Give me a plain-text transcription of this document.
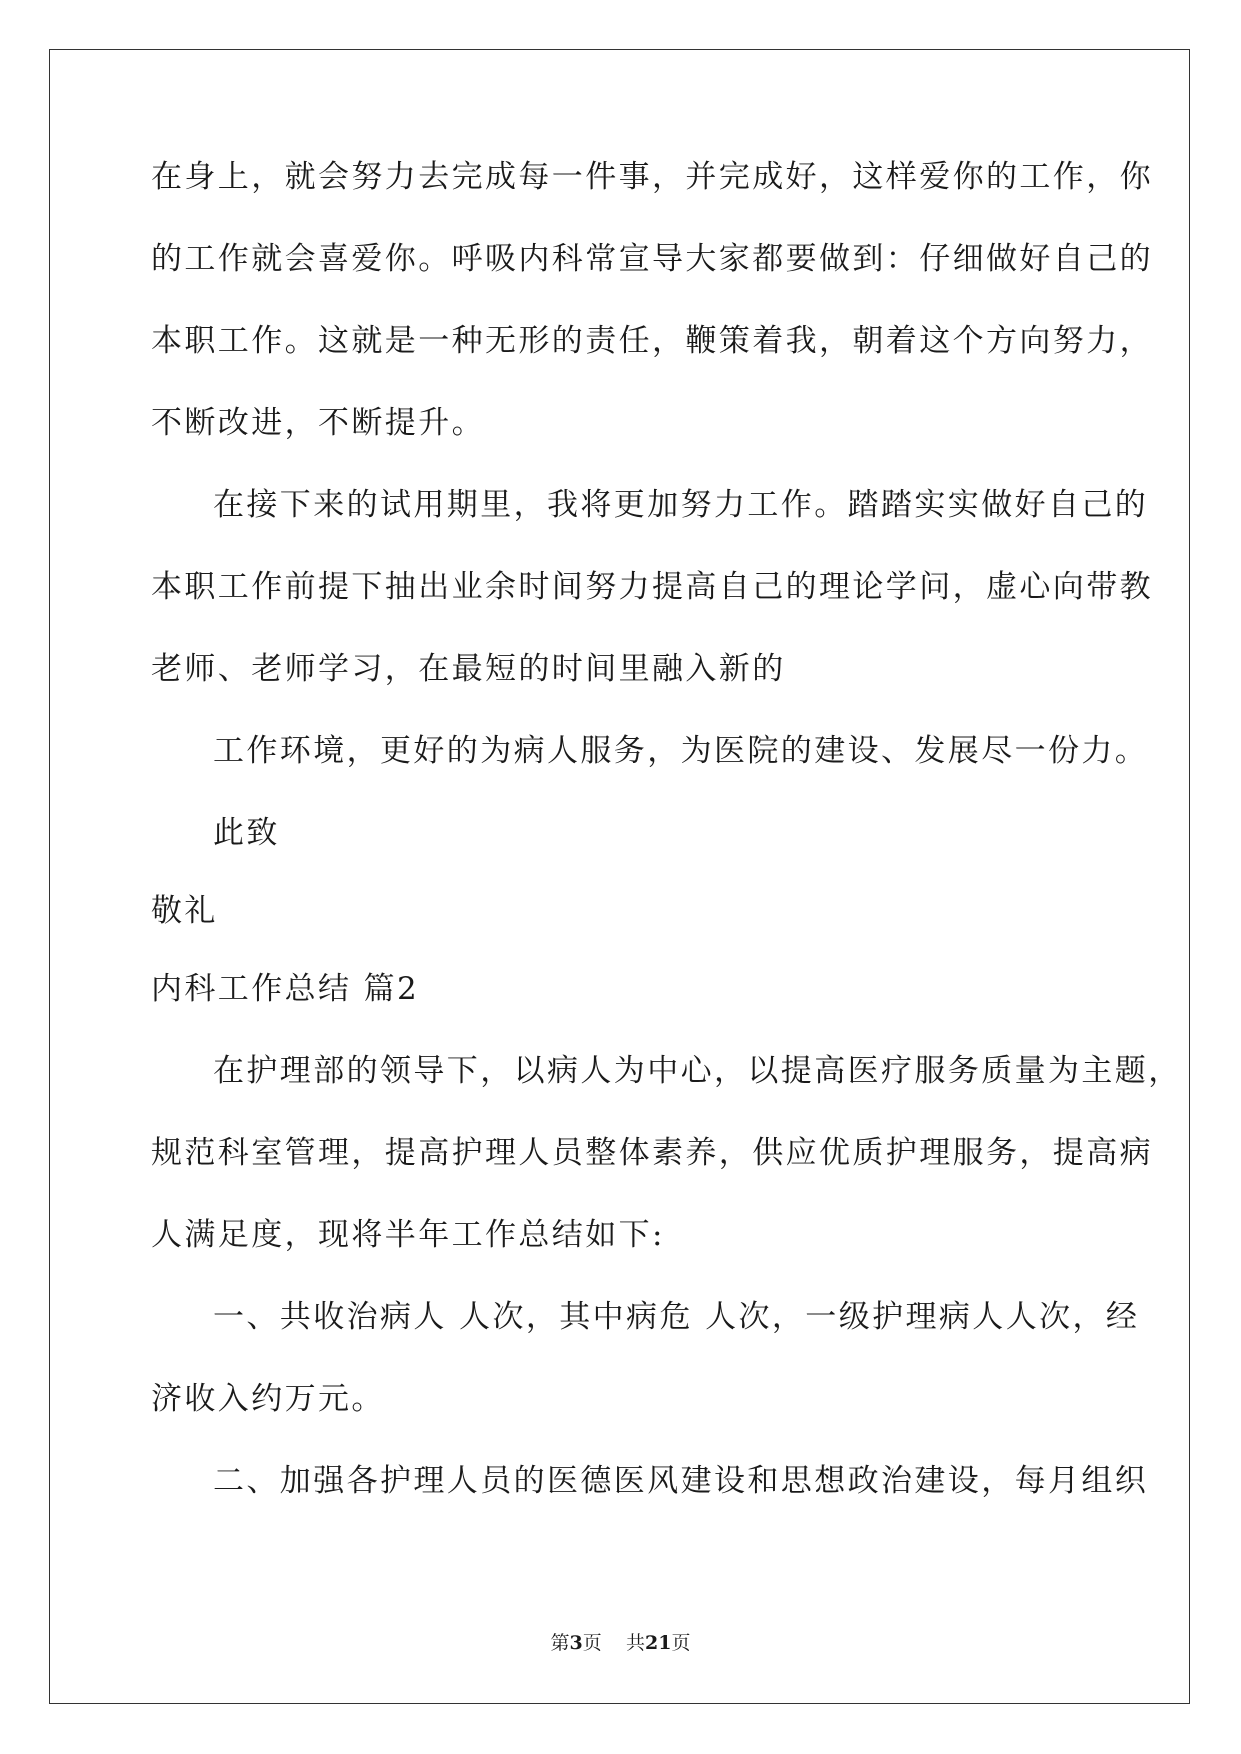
在身上，就会努力去完成每一件事，并完成好，这样爱你的工作，你
的工作就会喜爱你。呼吸内科常宣导大家都要做到：仔细做好自己的
本职工作。这就是一种无形的责任，鞭策着我，朝着这个方向努力，
不断改进，不断提升。
在接下来的试用期里，我将更加努力工作。踏踏实实做好自己的
本职工作前提下抽出业余时间努力提高自己的理论学问，虚心向带教
老师、老师学习，在最短的时间里融入新的
工作环境，更好的为病人服务，为医院的建设、发展尽一份力。
此致
敬礼
内科工作总结 篇2
在护理部的领导下，以病人为中心，以提高医疗服务质量为主题，
规范科室管理，提高护理人员整体素养，供应优质护理服务，提高病
人满足度，现将半年工作总结如下:
一、共收治病人 人次，其中病危 人次，一级护理病人人次，经
济收入约万元。
二、加强各护理人员的医德医风建设和思想政治建设，每月组织
第3页 共21页
